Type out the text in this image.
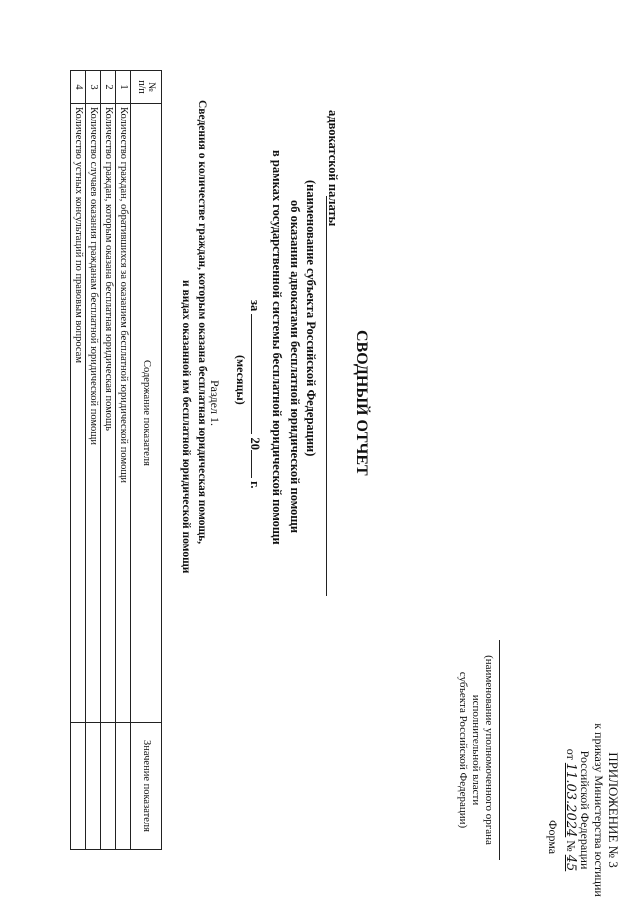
ПРИЛОЖЕНИЕ № 3
к приказу Министерства юстиции
Российской Федерации
от 11.03.2024 № 45
Форма
(наименование уполномоченного органа
исполнительной власти
субъекта Российской Федерации)
СВОДНЫЙ ОТЧЕТ
адвокатской палаты
(наименование субъекта Российской Федерации)
об оказании адвокатами бесплатной юридической помощи
в рамках государственной системы бесплатной юридической помощи
за  20 г.
(месяцы)
Раздел 1.
Сведения о количестве граждан, которым оказана бесплатная юридическая помощь,
и видах оказанной им бесплатной юридической помощи
№
п/п	Содержание показателя	Значение показателя
1	Количество граждан, обратившихся за оказанием бесплатной юридической помощи	
2	Количество граждан, которым оказана бесплатная юридическая помощь	
3	Количество случаев оказания гражданам бесплатной юридической помощи	
4	Количество устных консультаций по правовым вопросам	
